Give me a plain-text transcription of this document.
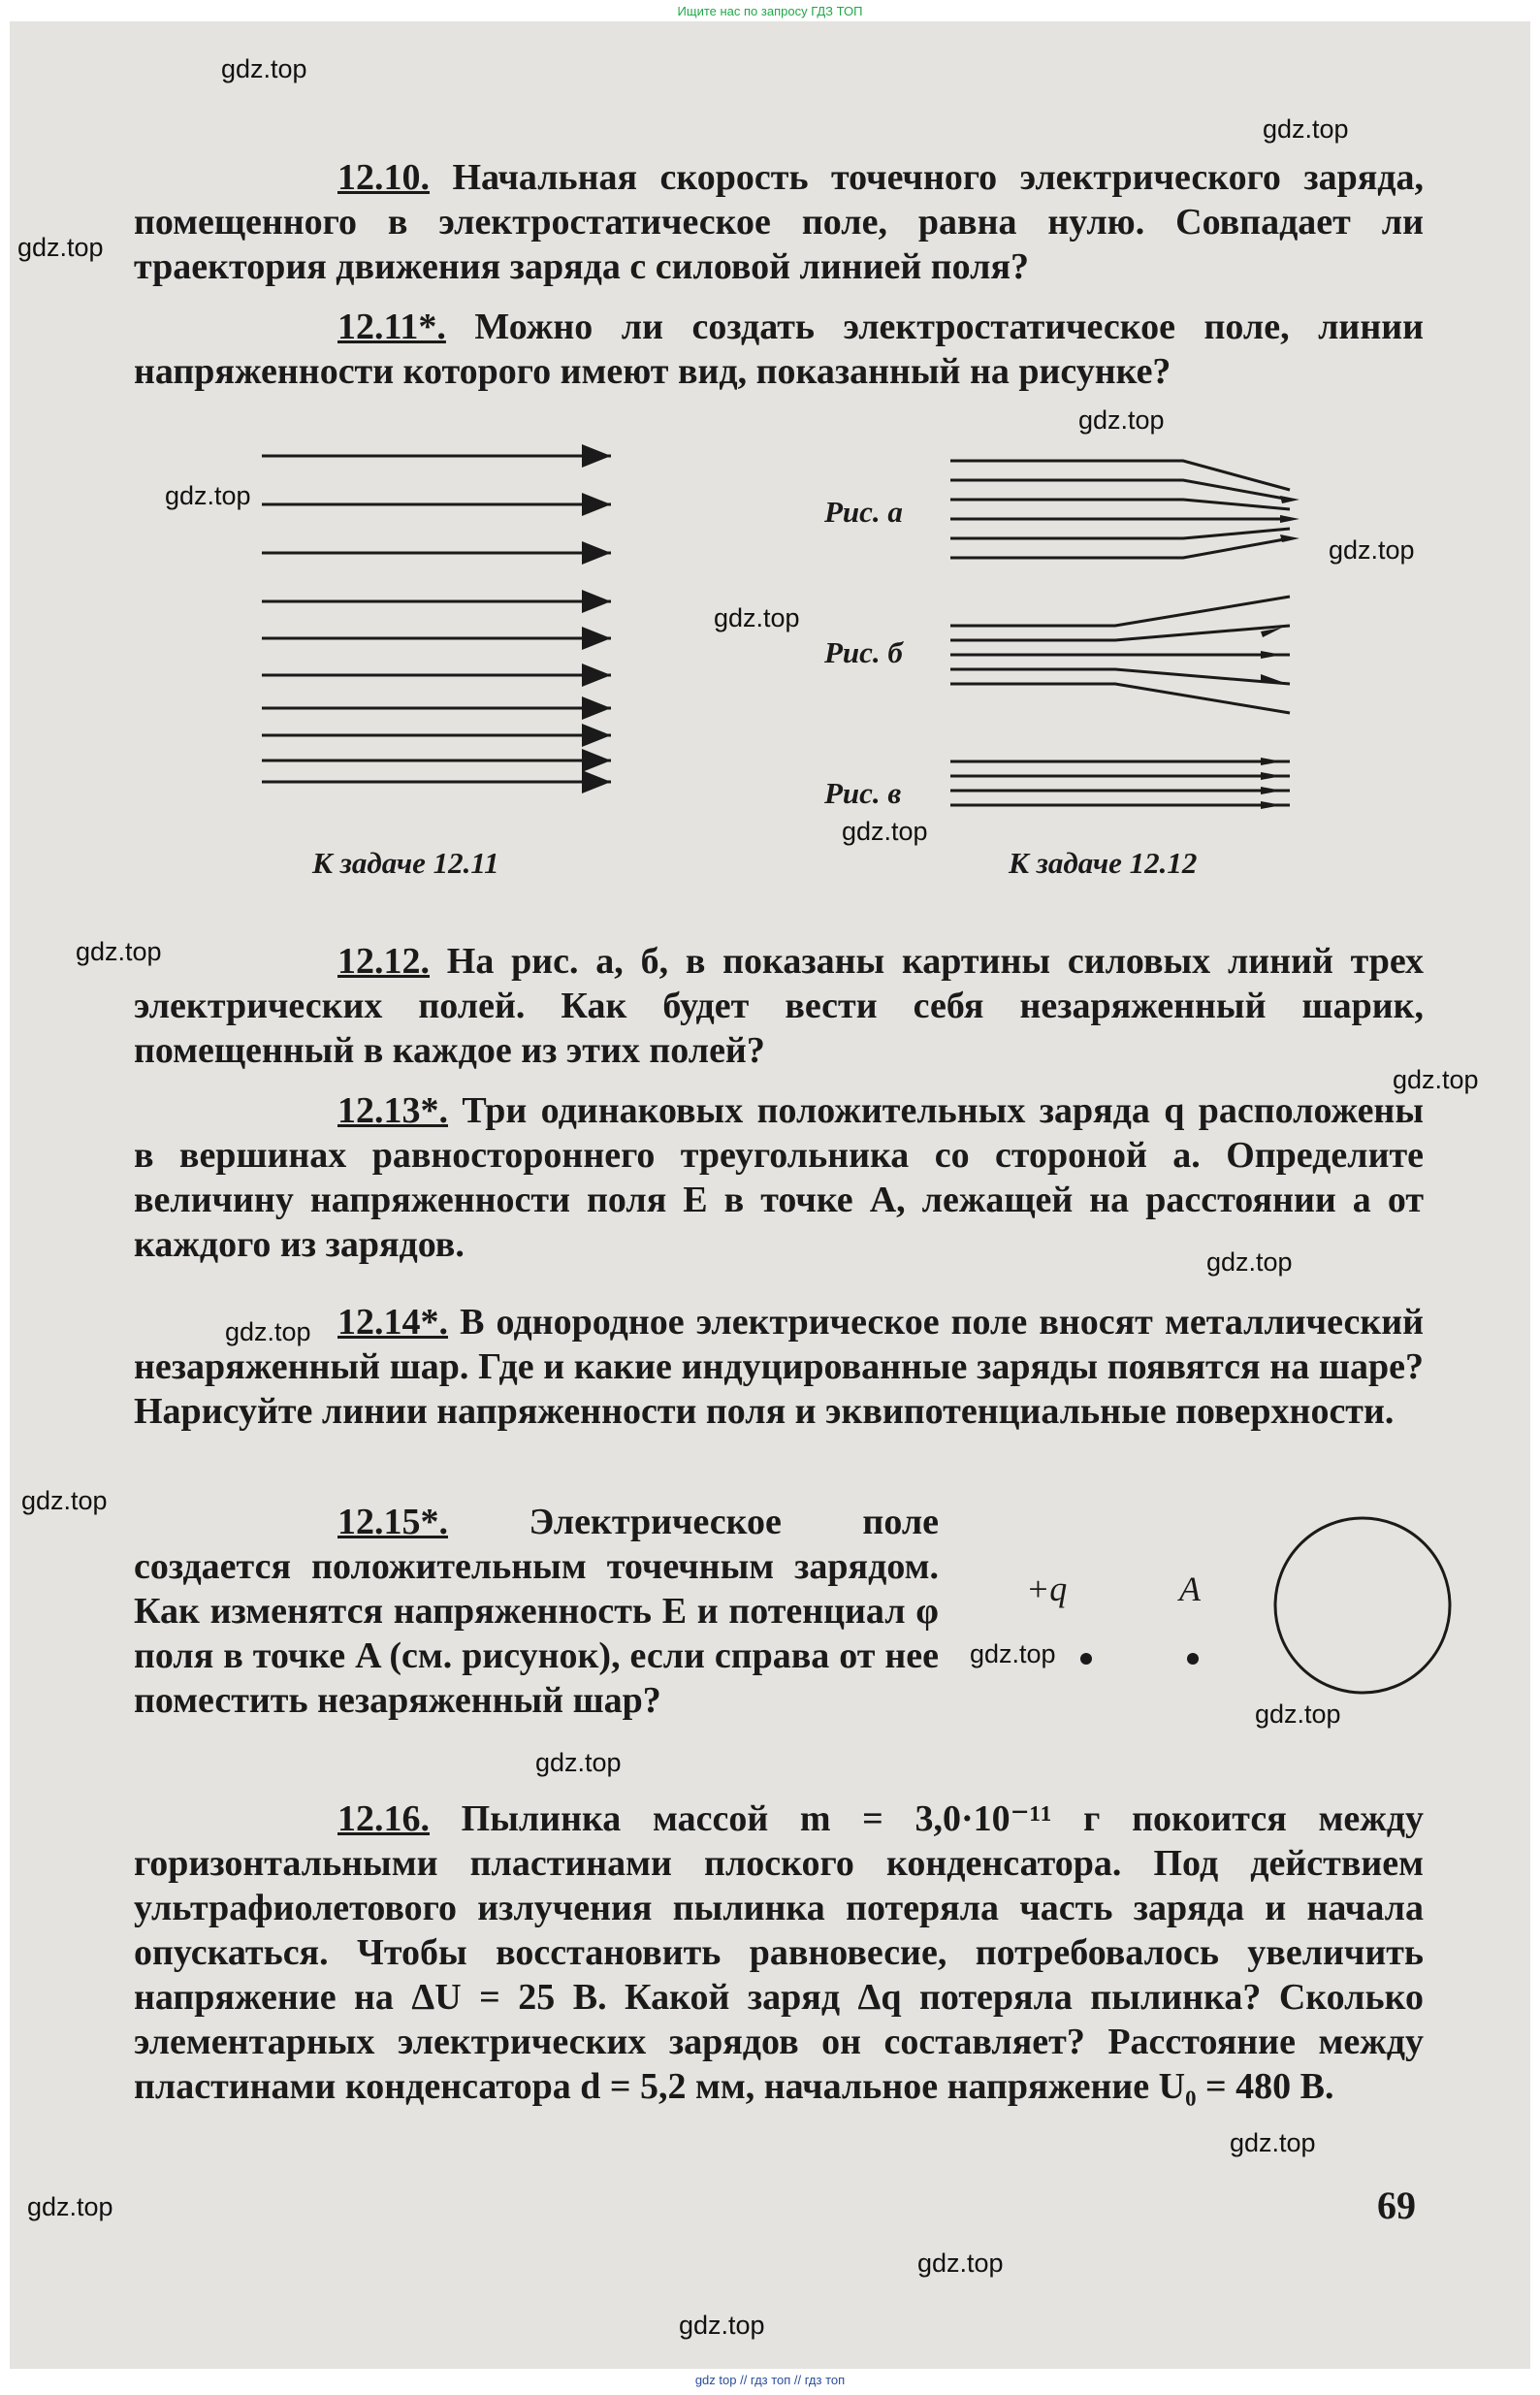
Ищите нас по запросу ГДЗ ТОП
12.10. Начальная скорость точечного электрического заряда, помещенного в электростатическое поле, равна нулю. Совпадает ли траектория движения заряда с силовой линией поля?
12.11*. Можно ли создать электростатическое поле, линии напряженности которого имеют вид, показанный на рисунке?
Рис. а
Рис. б
Рис. в
К задаче 12.11	К задаче 12.12
12.12. На рис. а, б, в показаны картины силовых линий трех электрических полей. Как будет вести себя незаряженный шарик, помещенный в каждое из этих полей?
12.13*. Три одинаковых положительных заряда q расположены в вершинах равностороннего треугольника со стороной a. Определите величину напряженности поля E в точке A, лежащей на расстоянии a от каждого из зарядов.
12.14*. В однородное электрическое поле вносят металлический незаряженный шар. Где и какие индуцированные заряды появятся на шаре? Нарисуйте линии напряженности поля и эквипотенциальные поверхности.
12.15*. Электрическое поле создается положительным точечным зарядом. Как изменятся напряженность E и потенциал φ поля в точке A (см. рисунок), если справа от нее поместить незаряженный шар?
+q	A
12.16. Пылинка массой m = 3,0·10⁻¹¹ г покоится между горизонтальными пластинами плоского конденсатора. Под действием ультрафиолетового излучения пылинка потеряла часть заряда и начала опускаться. Чтобы восстановить равновесие, потребовалось увеличить напряжение на ΔU = 25 В. Какой заряд Δq потеряла пылинка? Сколько элементарных электрических зарядов он составляет? Расстояние между пластинами конденсатора d = 5,2 мм, начальное напряжение U₀ = 480 В.
69
gdz.top
gdz.top
gdz.top
gdz.top
gdz.top
gdz.top
gdz.top
gdz.top
gdz.top
gdz.top
gdz.top
gdz.top
gdz.top
gdz.top
gdz.top
gdz.top
gdz.top
gdz.top
gdz.top
gdz.top
gdz top // гдз топ // гдз топ
